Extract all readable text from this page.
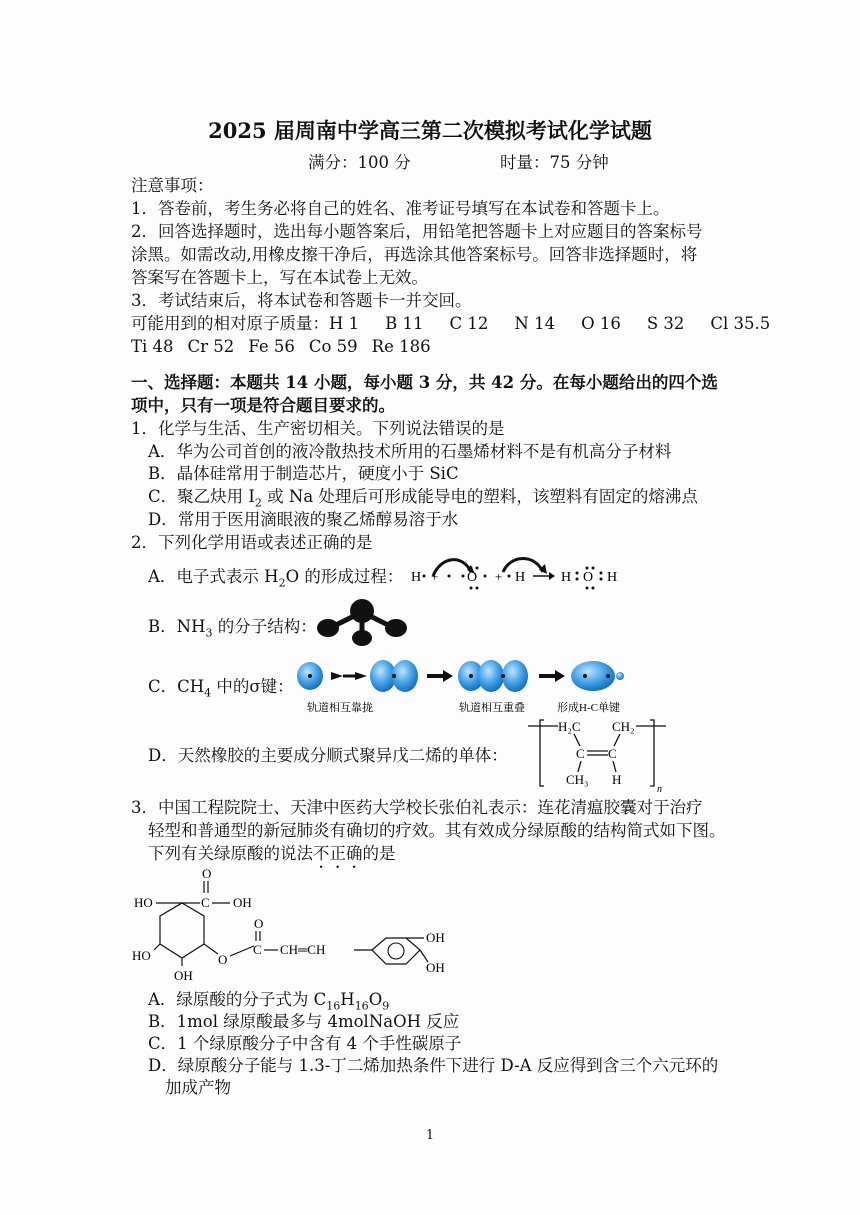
2025 届周南中学高三第二次模拟考试化学试题
满分：100 分	时量：75 分钟
注意事项：
1．答卷前，考生务必将自己的姓名、准考证号填写在本试卷和答题卡上。
2．回答选择题时，选出每小题答案后，用铅笔把答题卡上对应题目的答案标号
涂黑。如需改动,用橡皮擦干净后，再选涂其他答案标号。回答非选择题时，将
答案写在答题卡上，写在本试卷上无效。
3．考试结束后，将本试卷和答题卡一并交回。
可能用到的相对原子质量：H 1 B 11 C 12 N 14 O 16 S 32 Cl 35.5
Ti 48 Cr 52 Fe 56 Co 59 Re 186
一、选择题：本题共 14 小题，每小题 3 分，共 42 分。在每小题给出的四个选
项中，只有一项是符合题目要求的。
1．化学与生活、生产密切相关。下列说法错误的是
A．华为公司首创的液冷散热技术所用的石墨烯材料不是有机高分子材料
B．晶体硅常用于制造芯片，硬度小于 SiC
C．聚乙炔用 $I_2$ 或 Na 处理后可形成能导电的塑料，该塑料有固定的熔沸点
D．常用于医用滴眼液的聚乙烯醇易溶于水
2．下列化学用语或表述正确的是
A．电子式表示 $H_2O$ 的形成过程： H + O + H	H O H
B．$NH_3$ 的分子结构：
C．$CH_4$ 中的σ键：
轨道相互靠拢	轨道相互重叠	形成H-C单键
D．天然橡胶的主要成分顺式聚异戊二烯的单体：
H₂C CH₂
C C
CH₃ H
n
3．中国工程院院士、天津中医药大学校长张伯礼表示：连花清瘟胶囊对于治疗
轻型和普通型的新冠肺炎有确切的疗效。其有效成分绿原酸的结构简式如下图。
下列有关绿原酸的说法不正确的是
O
HO	C OH
HO
OH
O
O
C CH═CH
OH
OH
A．绿原酸的分子式为 $C_{16}H_{16}O_9$
B．1mol 绿原酸最多与 4molNaOH 反应
C．1 个绿原酸分子中含有 4 个手性碳原子
D．绿原酸分子能与 1.3-丁二烯加热条件下进行 D-A 反应得到含三个六元环的
加成产物
1
